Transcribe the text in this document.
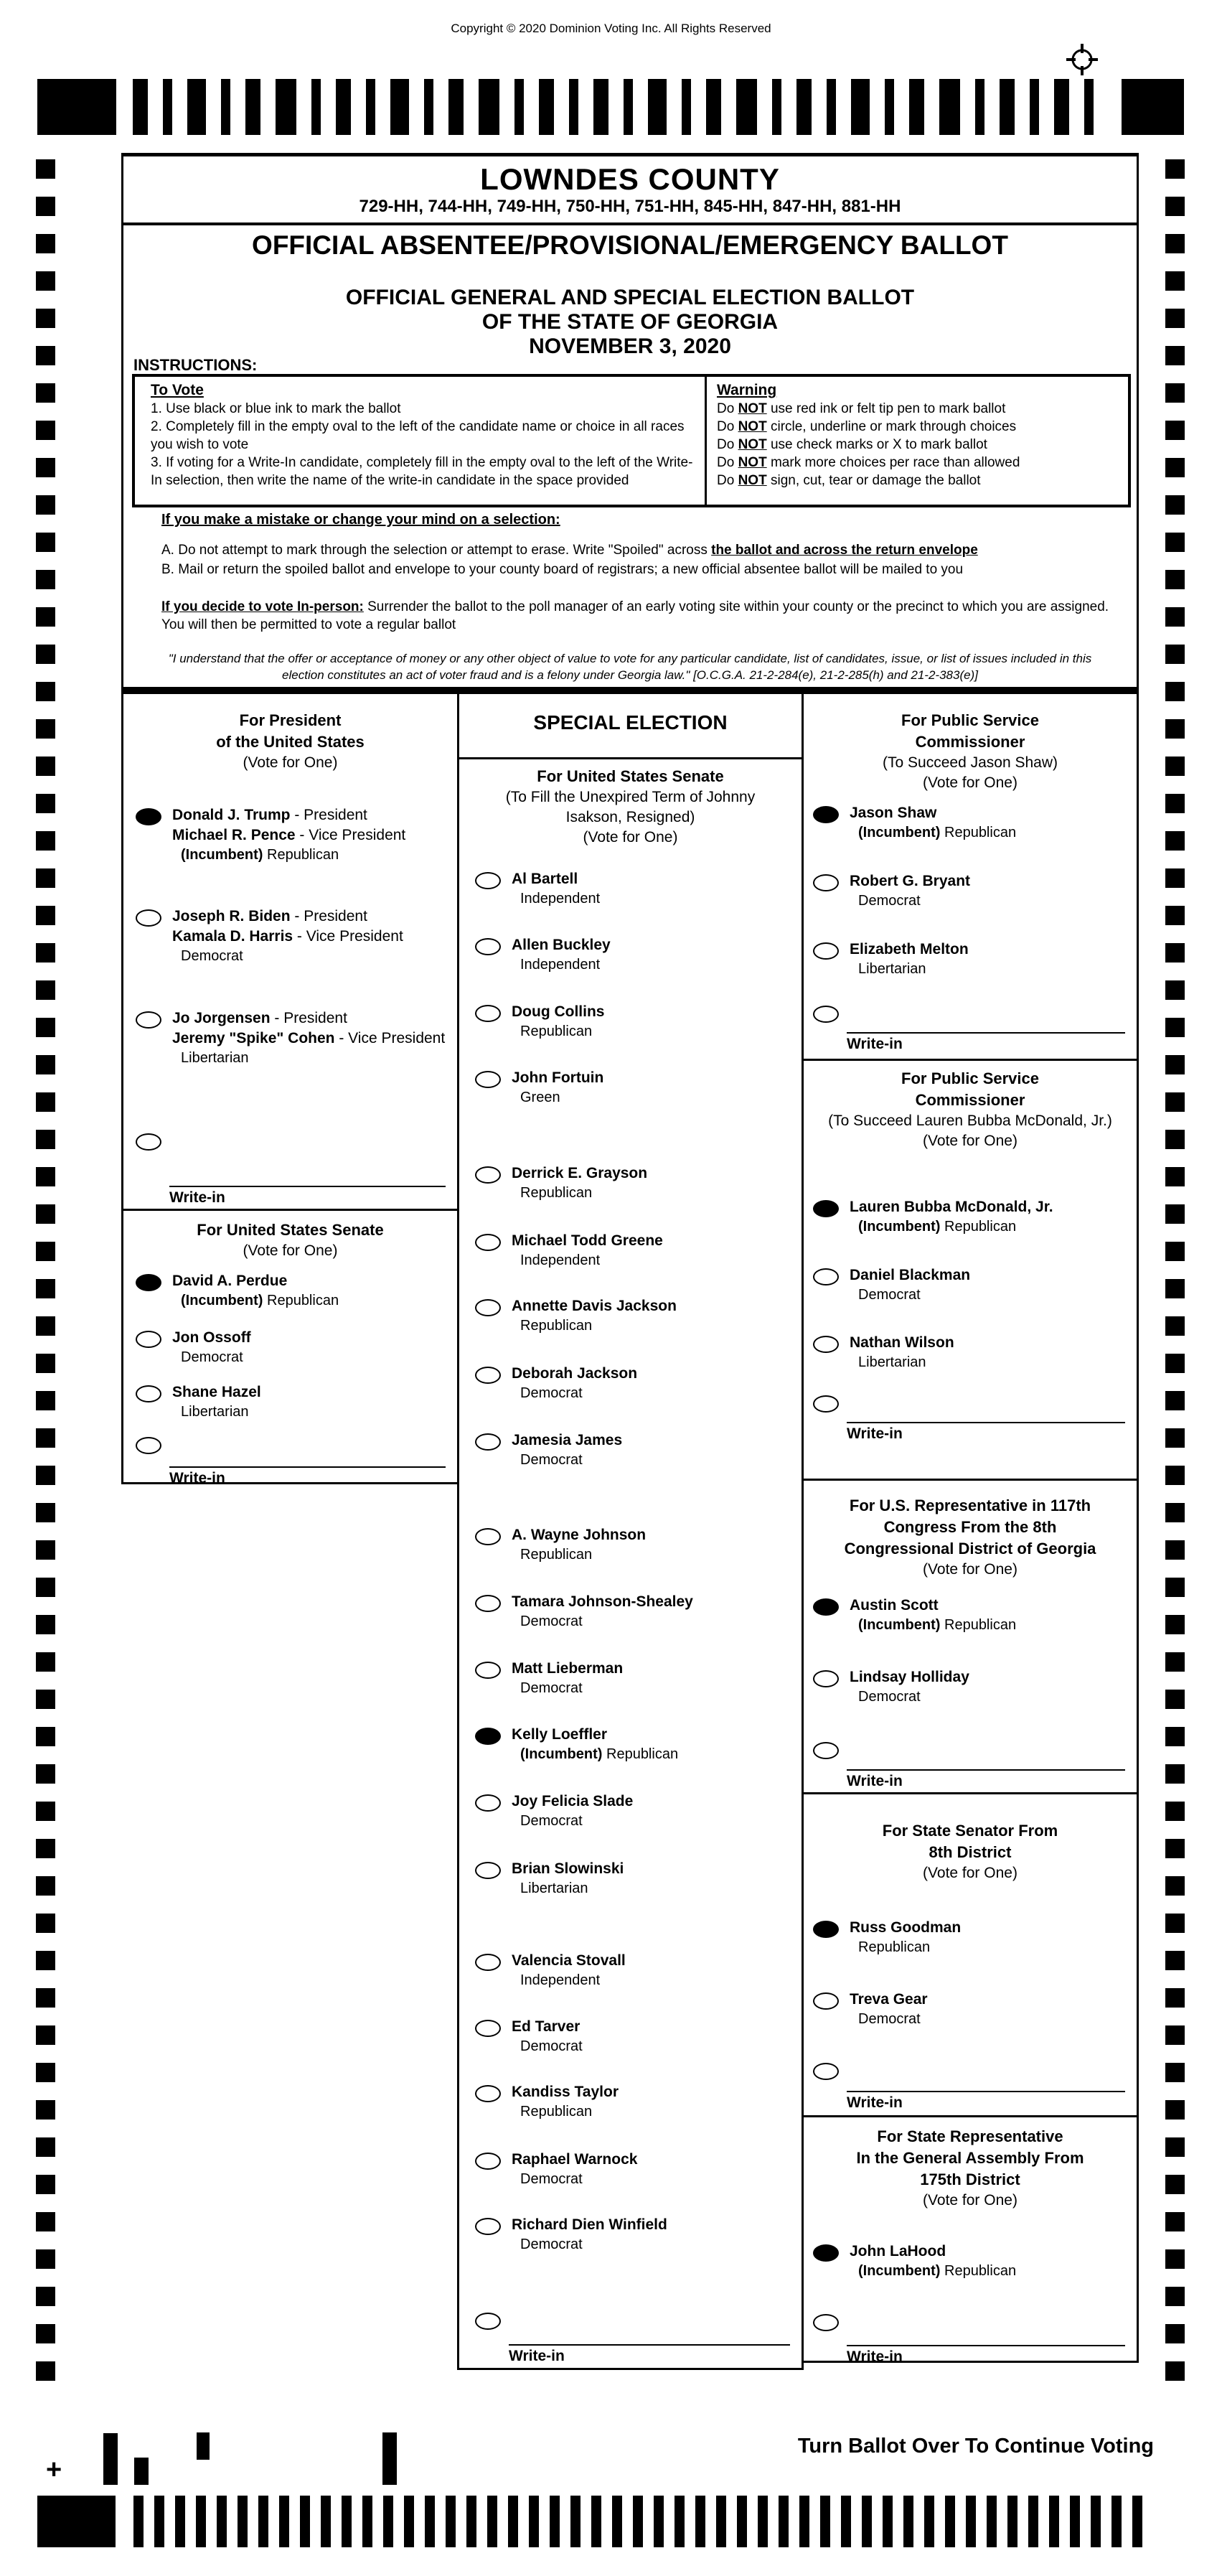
Copyright © 2020 Dominion Voting Inc. All Rights Reserved
LOWNDES COUNTY
729-HH, 744-HH, 749-HH, 750-HH, 751-HH, 845-HH, 847-HH, 881-HH
OFFICIAL ABSENTEE/PROVISIONAL/EMERGENCY BALLOT
OFFICIAL GENERAL AND SPECIAL ELECTION BALLOT
OF THE STATE OF GEORGIA
NOVEMBER 3, 2020
INSTRUCTIONS:
To Vote
1. Use black or blue ink to mark the ballot
2. Completely fill in the empty oval to the left of the candidate name or choice in all races you wish to vote
3. If voting for a Write-In candidate, completely fill in the empty oval to the left of the Write-In selection, then write the name of the write-in candidate in the space provided
Warning
Do NOT use red ink or felt tip pen to mark ballot
Do NOT circle, underline or mark through choices
Do NOT use check marks or X to mark ballot
Do NOT mark more choices per race than allowed
Do NOT sign, cut, tear or damage the ballot
If you make a mistake or change your mind on a selection:
A. Do not attempt to mark through the selection or attempt to erase. Write "Spoiled" across the ballot and across the return envelope
B. Mail or return the spoiled ballot and envelope to your county board of registrars; a new official absentee ballot will be mailed to you
If you decide to vote In-person: Surrender the ballot to the poll manager of an early voting site within your county or the precinct to which you are assigned. You will then be permitted to vote a regular ballot
"I understand that the offer or acceptance of money or any other object of value to vote for any particular candidate, list of candidates, issue, or list of issues included in this
election constitutes an act of voter fraud and is a felony under Georgia law." [O.C.G.A. 21-2-284(e), 21-2-285(h) and 21-2-383(e)]
For President
of the United States
(Vote for One)
Donald J. Trump - President
Michael R. Pence - Vice President
(Incumbent) Republican
Joseph R. Biden - President
Kamala D. Harris - Vice President
Democrat
Jo Jorgensen - President
Jeremy "Spike" Cohen - Vice President
Libertarian
Write-in
For United States Senate
(Vote for One)
David A. Perdue
(Incumbent) Republican
Jon Ossoff
Democrat
Shane Hazel
Libertarian
Write-in
SPECIAL ELECTION
For United States Senate
(To Fill the Unexpired Term of Johnny
Isakson, Resigned)
(Vote for One)
Al Bartell
Independent
Allen Buckley
Independent
Doug Collins
Republican
John Fortuin
Green
Derrick E. Grayson
Republican
Michael Todd Greene
Independent
Annette Davis Jackson
Republican
Deborah Jackson
Democrat
Jamesia James
Democrat
A. Wayne Johnson
Republican
Tamara Johnson-Shealey
Democrat
Matt Lieberman
Democrat
Kelly Loeffler
(Incumbent) Republican
Joy Felicia Slade
Democrat
Brian Slowinski
Libertarian
Valencia Stovall
Independent
Ed Tarver
Democrat
Kandiss Taylor
Republican
Raphael Warnock
Democrat
Richard Dien Winfield
Democrat
Write-in
For Public Service
Commissioner
(To Succeed Jason Shaw)
(Vote for One)
Jason Shaw
(Incumbent) Republican
Robert G. Bryant
Democrat
Elizabeth Melton
Libertarian
Write-in
For Public Service
Commissioner
(To Succeed Lauren Bubba McDonald, Jr.)
(Vote for One)
Lauren Bubba McDonald, Jr.
(Incumbent) Republican
Daniel Blackman
Democrat
Nathan Wilson
Libertarian
Write-in
For U.S. Representative in 117th
Congress From the 8th
Congressional District of Georgia
(Vote for One)
Austin Scott
(Incumbent) Republican
Lindsay Holliday
Democrat
Write-in
For State Senator From
8th District
(Vote for One)
Russ Goodman
Republican
Treva Gear
Democrat
Write-in
For State Representative
In the General Assembly From
175th District
(Vote for One)
John LaHood
(Incumbent) Republican
Write-in
Turn Ballot Over To Continue Voting
+
